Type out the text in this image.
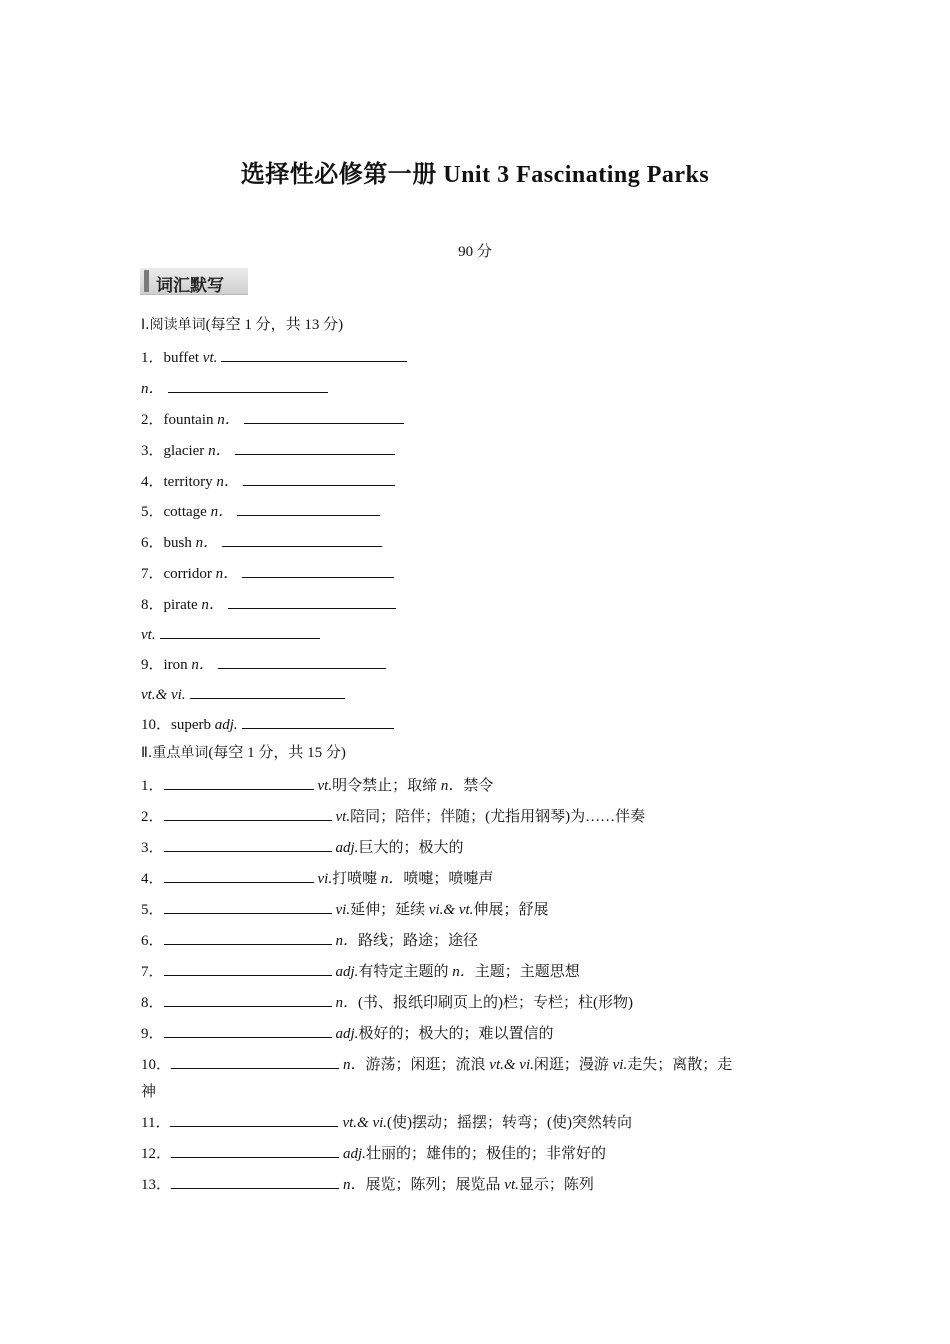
选择性必修第一册 Unit 3 Fascinating Parks
90 分
词汇默写
Ⅰ.阅读单词(每空 1 分，共 13 分)
1．buffet vt.
n．
2．fountain n．
3．glacier n．
4．territory n．
5．cottage n．
6．bush n．
7．corridor n．
8．pirate n．
vt.
9．iron n．
vt.& vi.
10．superb adj.
Ⅱ.重点单词(每空 1 分，共 15 分)
1．	vt.明令禁止；取缔 n．禁令
2．	vt.陪同；陪伴；伴随；(尤指用钢琴)为……伴奏
3．	adj.巨大的；极大的
4．	vi.打喷嚏 n．喷嚏；喷嚏声
5．	vi.延伸；延续 vi.& vt.伸展；舒展
6．	n．路线；路途；途径
7．	adj.有特定主题的 n．主题；主题思想
8．	n．(书、报纸印刷页上的)栏；专栏；柱(形物)
9．	adj.极好的；极大的；难以置信的
10．	n．游荡；闲逛；流浪 vt.& vi.闲逛；漫游 vi.走失；离散；走
神
11．	vt.& vi.(使)摆动；摇摆；转弯；(使)突然转向
12．	adj.壮丽的；雄伟的；极佳的；非常好的
13．	n．展览；陈列；展览品 vt.显示；陈列
